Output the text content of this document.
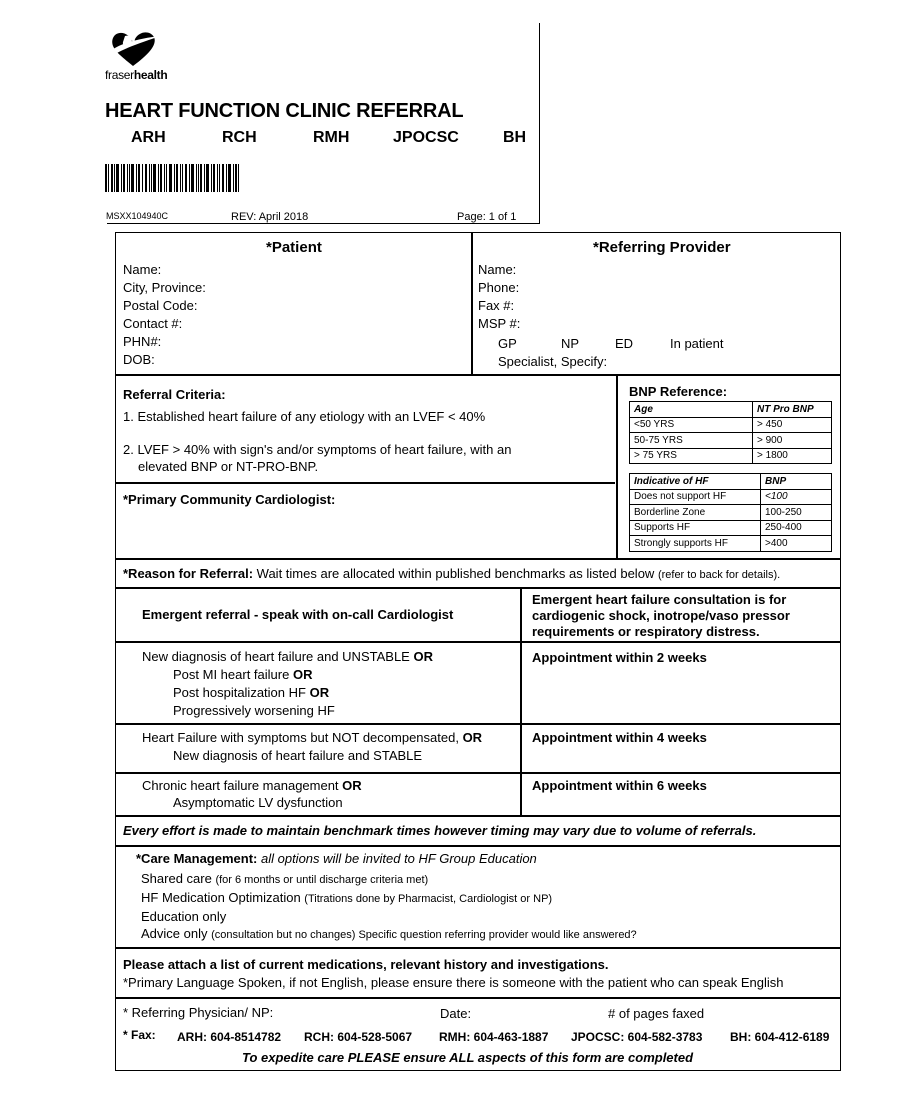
fraserhealth
HEART FUNCTION CLINIC REFERRAL
ARH	RCH	RMH	JPOCSC	BH
MSXX104940C	REV: April 2018	Page: 1 of 1
*Patient	*Referring Provider
Name:
City, Province:
Postal Code:
Contact #:
PHN#:
DOB:
Name:
Phone:
Fax #:
MSP #:
GP	NP	ED	In patient
Specialist, Specify:
Referral Criteria:
1. Established heart failure of any etiology with an LVEF < 40%
2. LVEF > 40% with sign's and/or symptoms of heart failure, with an
elevated BNP or NT-PRO-BNP.
*Primary Community Cardiologist:
BNP Reference:
Age	NT Pro BNP
<50 YRS	> 450
50-75 YRS	> 900
> 75 YRS	> 1800
Indicative of HF	BNP
Does not support HF	<100
Borderline Zone	100-250
Supports HF	250-400
Strongly supports HF	>400
*Reason for Referral: Wait times are allocated within published benchmarks as listed below (refer to back for details).
Emergent referral - speak with on-call Cardiologist
Emergent heart failure consultation is for cardiogenic shock, inotrope/vaso pressor requirements or respiratory distress.
New diagnosis of heart failure and UNSTABLE OR
Post MI heart failure OR
Post hospitalization HF OR
Progressively worsening HF
Appointment within 2 weeks
Heart Failure with symptoms but NOT decompensated, OR
New diagnosis of heart failure and STABLE
Appointment within 4 weeks
Chronic heart failure management OR
Asymptomatic LV dysfunction
Appointment within 6 weeks
Every effort is made to maintain benchmark times however timing may vary due to volume of referrals.
*Care Management: all options will be invited to HF Group Education
Shared care (for 6 months or until discharge criteria met)
HF Medication Optimization (Titrations done by Pharmacist, Cardiologist or NP)
Education only
Advice only (consultation but no changes) Specific question referring provider would like answered?
Please attach a list of current medications, relevant history and investigations.
*Primary Language Spoken, if not English, please ensure there is someone with the patient who can speak English
* Referring Physician/ NP:	Date:	# of pages faxed
* Fax: ARH: 604-8514782 RCH: 604-528-5067 RMH: 604-463-1887 JPOCSC: 604-582-3783 BH: 604-412-6189
To expedite care PLEASE ensure ALL aspects of this form are completed
